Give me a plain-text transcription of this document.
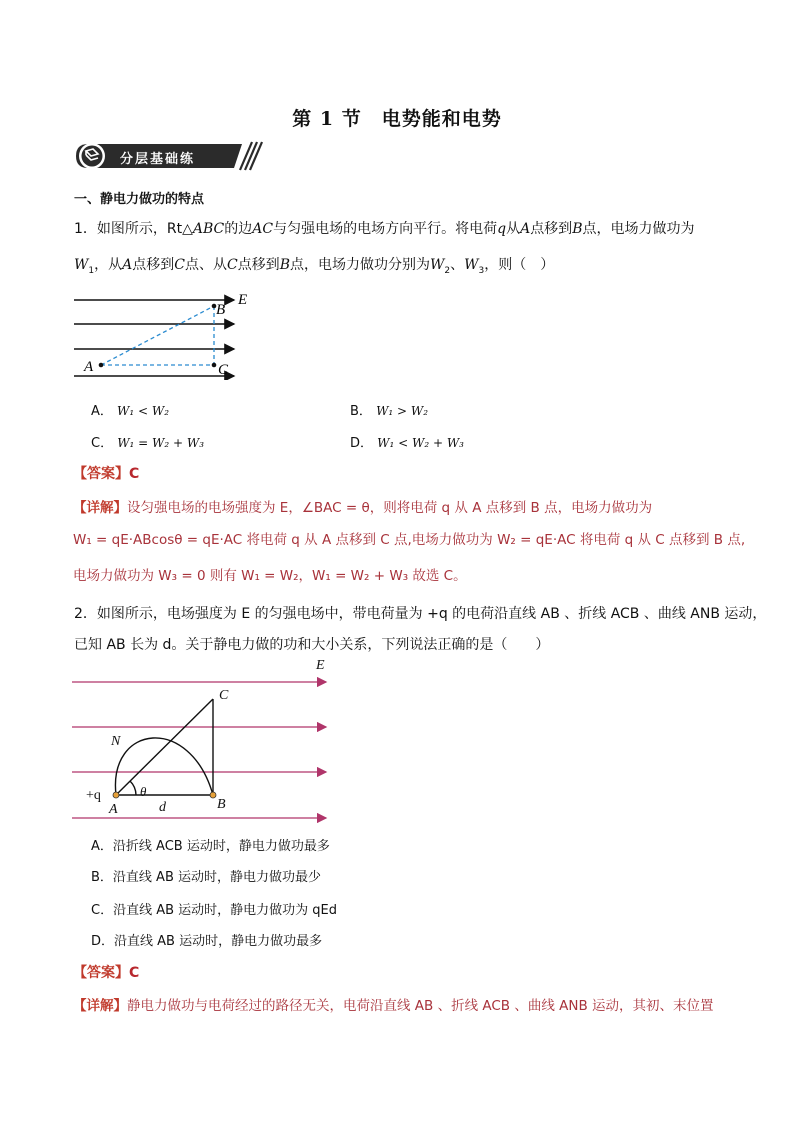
第 1 节　电势能和电势
分层基础练
一、静电力做功的特点
1．如图所示，Rt△ABC的边AC与匀强电场的电场方向平行。将电荷q从A点移到B点，电场力做功为
$W_1$，从A点移到C点、从C点移到B点，电场力做功分别为$W_2$、$W_3$，则（　）
E
B
A	C
A． W₁ < W₂	B． W₁ > W₂
C． W₁ = W₂ + W₃	D． W₁ < W₂ + W₃
【答案】C
【详解】设匀强电场的电场强度为 E，∠BAC = θ，则将电荷 q 从 A 点移到 B 点，电场力做功为
W₁ = qE·ABcosθ = qE·AC 将电荷 q 从 A 点移到 C 点,电场力做功为 W₂ = qE·AC 将电荷 q 从 C 点移到 B 点,
电场力做功为 W₃ = 0 则有 W₁ = W₂，W₁ = W₂ + W₃ 故选 C。
2．如图所示，电场强度为 E 的匀强电场中，带电荷量为 +q 的电荷沿直线 AB 、折线 ACB 、曲线 ANB 运动，
已知 AB 长为 d。关于静电力做的功和大小关系，下列说法正确的是（　　）
E
C
N
θ
+q
A	d	B
A．沿折线 ACB 运动时，静电力做功最多
B．沿直线 AB 运动时，静电力做功最少
C．沿直线 AB 运动时，静电力做功为 qEd
D．沿直线 AB 运动时，静电力做功最多
【答案】C
【详解】静电力做功与电荷经过的路径无关，电荷沿直线 AB 、折线 ACB 、曲线 ANB 运动，其初、末位置
